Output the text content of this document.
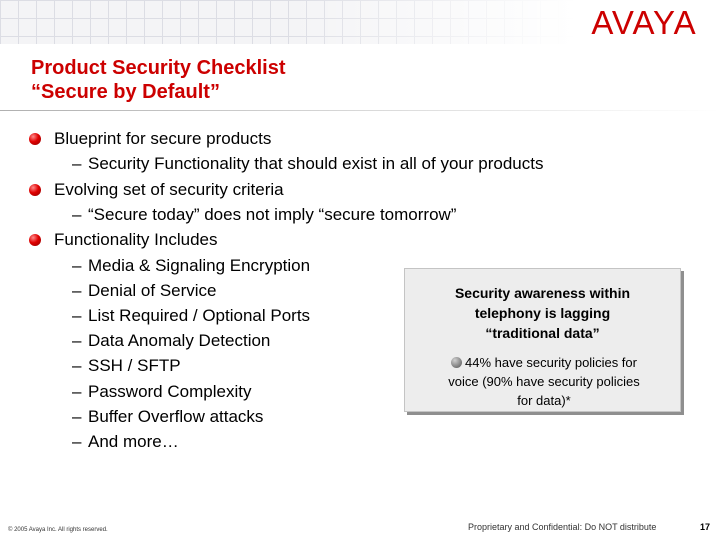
AVAYA
Product Security Checklist
“Secure by Default”
Blueprint for secure products
– Security Functionality that should exist in all of your products
Evolving set of security criteria
– “Secure today” does not imply “secure tomorrow”
Functionality Includes
– Media & Signaling Encryption
– Denial of Service
– List Required / Optional Ports
– Data Anomaly Detection
– SSH / SFTP
– Password Complexity
– Buffer Overflow attacks
– And more…
Security awareness within
telephony is lagging
“traditional data”
44% have security policies for
voice (90% have security policies
for data)*
© 2005 Avaya Inc. All rights reserved.	Proprietary and Confidential: Do NOT distribute	17
